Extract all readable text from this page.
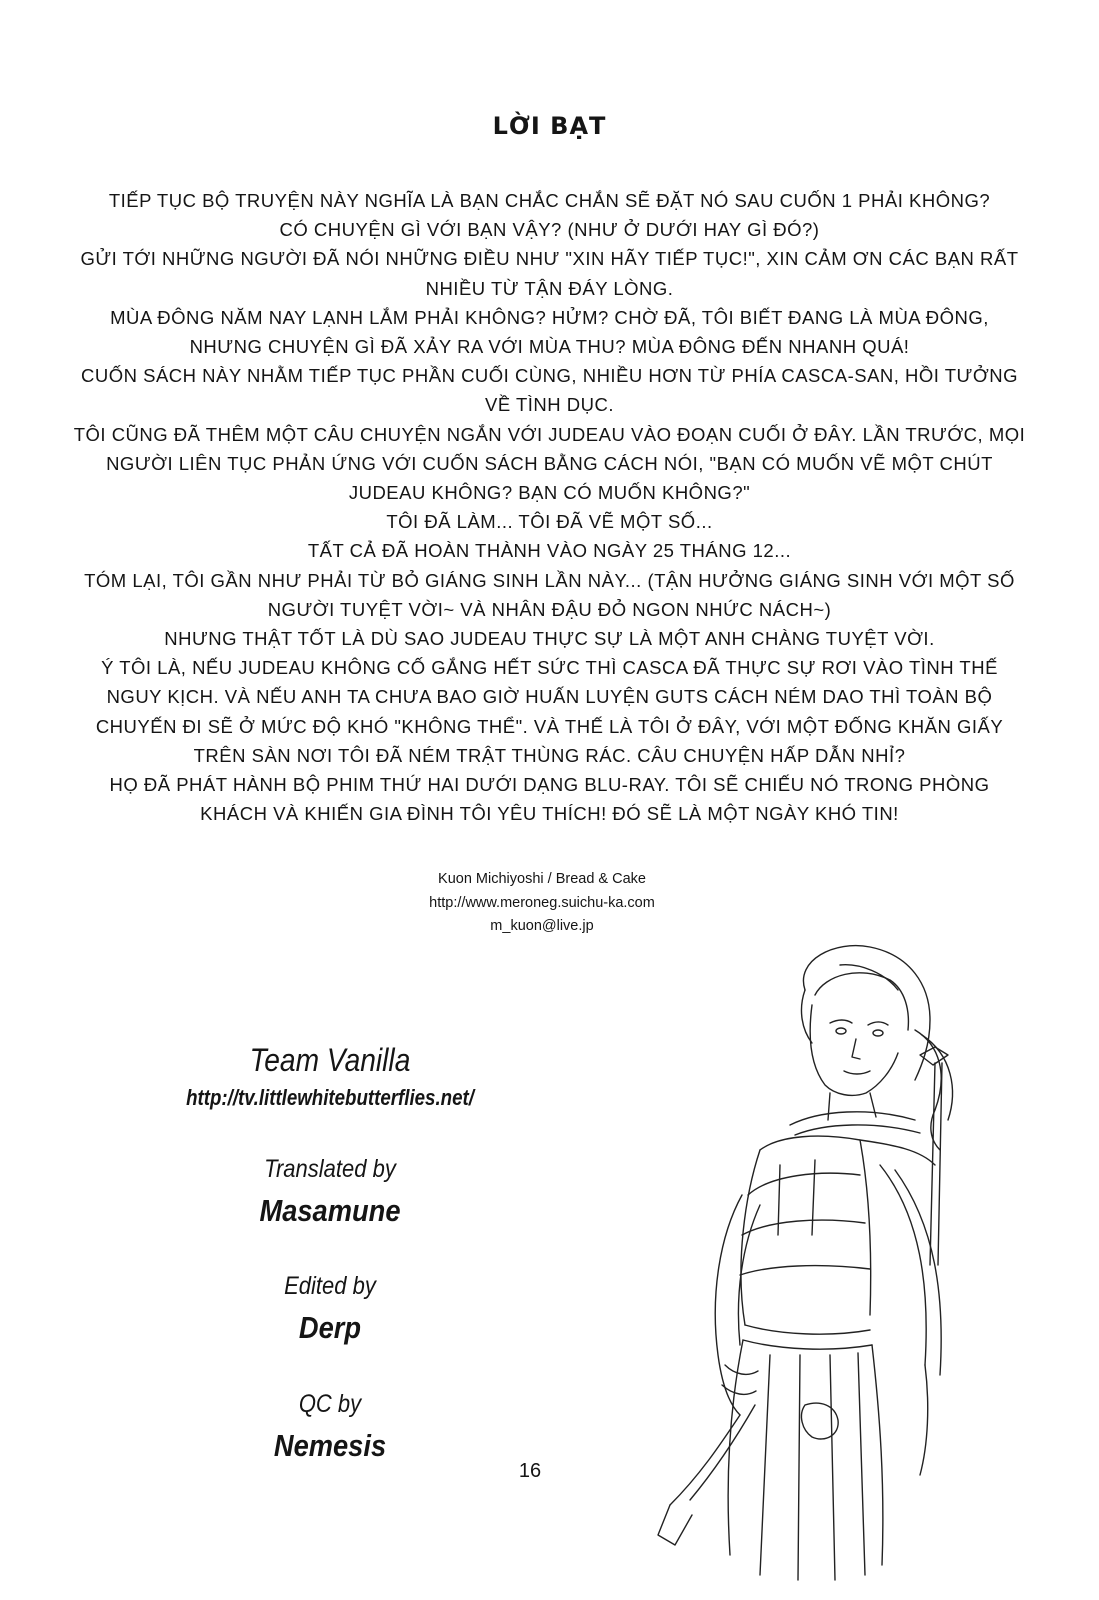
LỜI BẠT

TIẾP TỤC BỘ TRUYỆN NÀY NGHĨA LÀ BẠN CHẮC CHẮN SẼ ĐẶT NÓ SAU CUỐN 1 PHẢI KHÔNG?

CÓ CHUYỆN GÌ VỚI BẠN VẬY? (NHƯ Ở DƯỚI HAY GÌ ĐÓ?)

GỬI TỚI NHỮNG NGƯỜI ĐÃ NÓI NHỮNG ĐIỀU NHƯ "XIN HÃY TIẾP TỤC!", XIN CẢM ƠN CÁC BẠN RẤT

NHIỀU TỪ TẬN ĐÁY LÒNG.

MÙA ĐÔNG NĂM NAY LẠNH LẮM PHẢI KHÔNG? HỬM? CHỜ ĐÃ, TÔI BIẾT ĐANG LÀ MÙA ĐÔNG,

NHƯNG CHUYỆN GÌ ĐÃ XẢY RA VỚI MÙA THU? MÙA ĐÔNG ĐẾN NHANH QUÁ!

CUỐN SÁCH NÀY NHẰM TIẾP TỤC PHẦN CUỐI CÙNG, NHIỀU HƠN TỪ PHÍA CASCA-SAN, HỒI TƯỞNG

VỀ TÌNH DỤC.

TÔI CŨNG ĐÃ THÊM MỘT CÂU CHUYỆN NGẮN VỚI JUDEAU VÀO ĐOẠN CUỐI Ở ĐÂY. LẦN TRƯỚC, MỌI

NGƯỜI LIÊN TỤC PHẢN ỨNG VỚI CUỐN SÁCH BẰNG CÁCH NÓI, "BẠN CÓ MUỐN VẼ MỘT CHÚT

JUDEAU KHÔNG? BẠN CÓ MUỐN KHÔNG?"

TÔI ĐÃ LÀM... TÔI ĐÃ VẼ MỘT SỐ...

TẤT CẢ ĐÃ HOÀN THÀNH VÀO NGÀY 25 THÁNG 12...

TÓM LẠI, TÔI GẦN NHƯ PHẢI TỪ BỎ GIÁNG SINH LẦN NÀY... (TẬN HƯỞNG GIÁNG SINH VỚI MỘT SỐ

NGƯỜI TUYỆT VỜI~ VÀ NHÂN ĐẬU ĐỎ NGON NHỨC NÁCH~)

NHƯNG THẬT TỐT LÀ DÙ SAO JUDEAU THỰC SỰ LÀ MỘT ANH CHÀNG TUYỆT VỜI.

Ý TÔI LÀ, NẾU JUDEAU KHÔNG CỐ GẮNG HẾT SỨC THÌ CASCA ĐÃ THỰC SỰ RƠI VÀO TÌNH THẾ

NGUY KỊCH. VÀ NẾU ANH TA CHƯA BAO GIỜ HUẤN LUYỆN GUTS CÁCH NÉM DAO THÌ TOÀN BỘ

CHUYẾN ĐI SẼ Ở MỨC ĐỘ KHÓ "KHÔNG THỂ". VÀ THẾ LÀ TÔI Ở ĐÂY, VỚI MỘT ĐỐNG KHĂN GIẤY

TRÊN SÀN NƠI TÔI ĐÃ NÉM TRẬT THÙNG RÁC. CÂU CHUYỆN HẤP DẪN NHỈ?

HỌ ĐÃ PHÁT HÀNH BỘ PHIM THỨ HAI DƯỚI DẠNG BLU-RAY. TÔI SẼ CHIẾU NÓ TRONG PHÒNG

KHÁCH VÀ KHIẾN GIA ĐÌNH TÔI YÊU THÍCH! ĐÓ SẼ LÀ MỘT NGÀY KHÓ TIN!

Kuon Michiyoshi / Bread & Cake
http://www.meroneg.suichu-ka.com
m_kuon@live.jp
Team Vanilla
http://tv.littlewhitebutterflies.net/
Translated by
Masamune
Edited by
Derp
QC by
Nemesis
16
